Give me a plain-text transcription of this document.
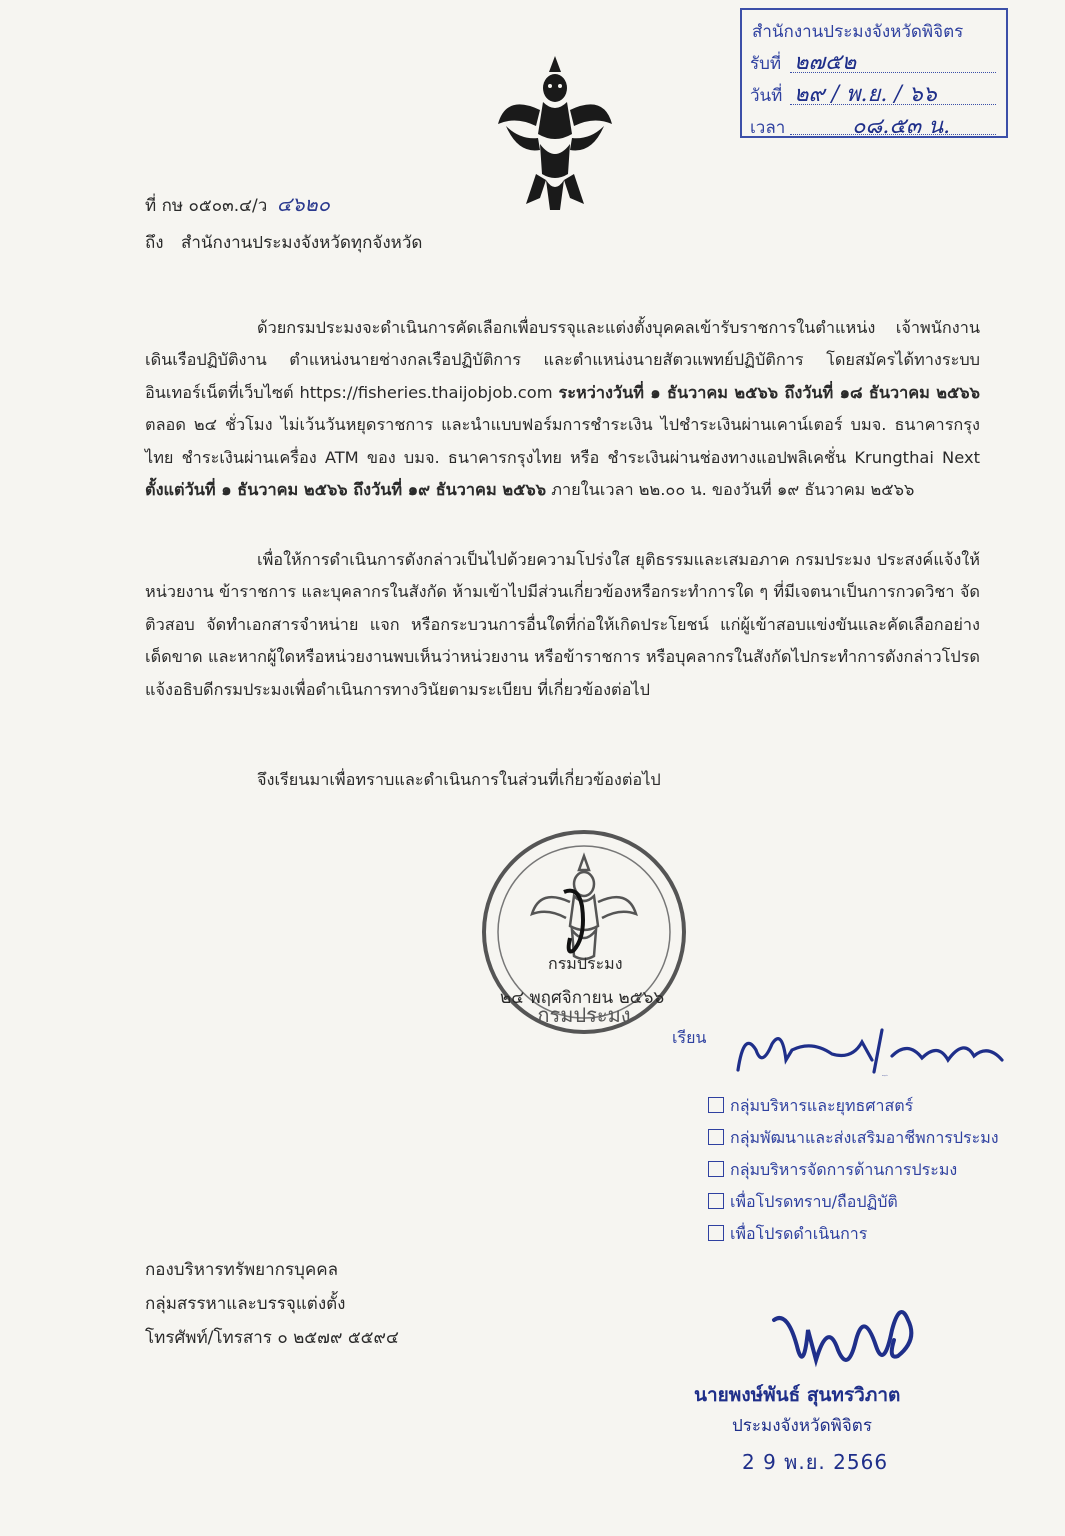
สำนักงานประมงจังหวัดพิจิตร
รับที่ ๒๗๕๒
วันที่ ๒๙ / พ.ย. / ๖๖
เวลา	๐๘.๕๓ น.
ที่ กษ ๐๕๐๓.๔/ว ๔๖๒๐
ถึง สำนักงานประมงจังหวัดทุกจังหวัด

ด้วยกรมประมงจะดำเนินการคัดเลือกเพื่อบรรจุและแต่งตั้งบุคคลเข้ารับราชการในตำแหน่ง เจ้าพนักงานเดินเรือปฏิบัติงาน ตำแหน่งนายช่างกลเรือปฏิบัติการ และตำแหน่งนายสัตวแพทย์ปฏิบัติการ โดยสมัครได้ทางระบบอินเทอร์เน็ตที่เว็บไซต์ https://fisheries.thaijobjob.com ระหว่างวันที่ ๑ ธันวาคม ๒๕๖๖ ถึงวันที่ ๑๘ ธันวาคม ๒๕๖๖ ตลอด ๒๔ ชั่วโมง ไม่เว้นวันหยุดราชการ และนำแบบฟอร์มการชำระเงิน ไปชำระเงินผ่านเคาน์เตอร์ บมจ. ธนาคารกรุงไทย ชำระเงินผ่านเครื่อง ATM ของ บมจ. ธนาคารกรุงไทย หรือ ชำระเงินผ่านช่องทางแอปพลิเคชั่น Krungthai Next ตั้งแต่วันที่ ๑ ธันวาคม ๒๕๖๖ ถึงวันที่ ๑๙ ธันวาคม ๒๕๖๖ ภายในเวลา ๒๒.๐๐ น. ของวันที่ ๑๙ ธันวาคม ๒๕๖๖

เพื่อให้การดำเนินการดังกล่าวเป็นไปด้วยความโปร่งใส ยุติธรรมและเสมอภาค กรมประมง ประสงค์แจ้งให้หน่วยงาน ข้าราชการ และบุคลากรในสังกัด ห้ามเข้าไปมีส่วนเกี่ยวข้องหรือกระทำการใด ๆ ที่มีเจตนาเป็นการกวดวิชา จัดติวสอบ จัดทำเอกสารจำหน่าย แจก หรือกระบวนการอื่นใดที่ก่อให้เกิดประโยชน์ แก่ผู้เข้าสอบแข่งขันและคัดเลือกอย่างเด็ดขาด และหากผู้ใดหรือหน่วยงานพบเห็นว่าหน่วยงาน หรือข้าราชการ หรือบุคลากรในสังกัดไปกระทำการดังกล่าวโปรดแจ้งอธิบดีกรมประมงเพื่อดำเนินการทางวินัยตามระเบียบ ที่เกี่ยวข้องต่อไป

จึงเรียนมาเพื่อทราบและดำเนินการในส่วนที่เกี่ยวข้องต่อไป

กรมประมง
กรมประมง
๒๔ พฤศจิกายน ๒๕๖๖
เรียน
ผอ.กลุ่ม/ฝ่าย
กลุ่มบริหารและยุทธศาสตร์
กลุ่มพัฒนาและส่งเสริมอาชีพการประมง
กลุ่มบริหารจัดการด้านการประมง
เพื่อโปรดทราบ/ถือปฏิบัติ
เพื่อโปรดดำเนินการ
กองบริหารทรัพยากรบุคคล
กลุ่มสรรหาและบรรจุแต่งตั้ง
โทรศัพท์/โทรสาร ๐ ๒๕๗๙ ๕๕๙๔
นายพงษ์พันธ์ สุนทรวิภาต
ประมงจังหวัดพิจิตร
2 9 พ.ย. 2566
